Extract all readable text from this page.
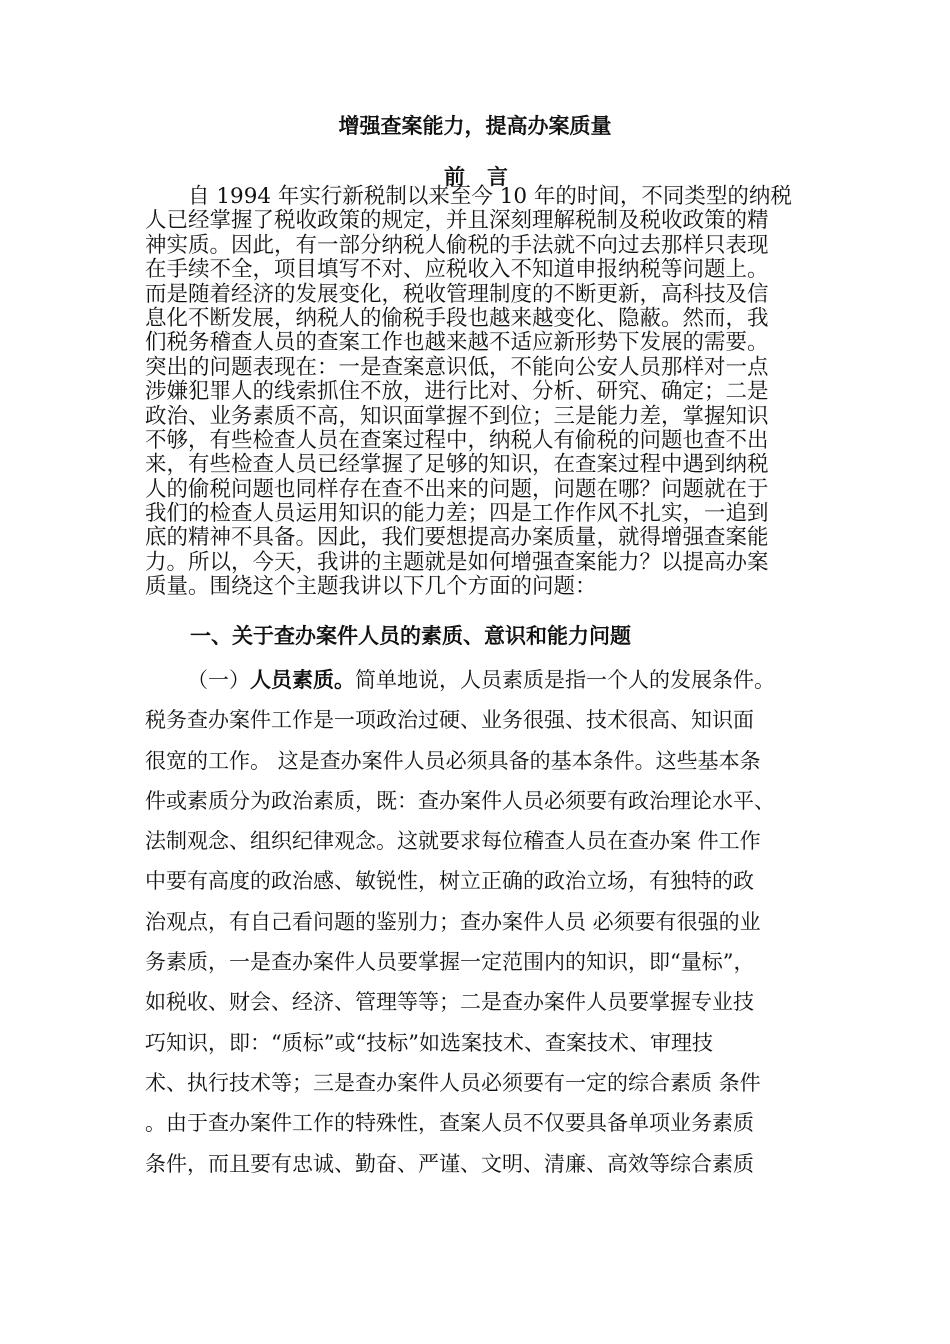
增强查案能力，提高办案质量
前言
　　自 1994 年实行新税制以来至今 10 年的时间，不同类型的纳税
人已经掌握了税收政策的规定，并且深刻理解税制及税收政策的精
神实质。因此，有一部分纳税人偷税的手法就不向过去那样只表现
在手续不全，项目填写不对、应税收入不知道申报纳税等问题上。
而是随着经济的发展变化，税收管理制度的不断更新，高科技及信
息化不断发展，纳税人的偷税手段也越来越变化、隐蔽。然而，我
们税务稽查人员的查案工作也越来越不适应新形势下发展的需要。
突出的问题表现在：一是查案意识低，不能向公安人员那样对一点
涉嫌犯罪人的线索抓住不放，进行比对、分析、研究、确定；二是
政治、业务素质不高，知识面掌握不到位；三是能力差，掌握知识
不够，有些检查人员在查案过程中，纳税人有偷税的问题也查不出
来，有些检查人员已经掌握了足够的知识，在查案过程中遇到纳税
人的偷税问题也同样存在查不出来的问题，问题在哪？问题就在于
我们的检查人员运用知识的能力差；四是工作作风不扎实，一追到
底的精神不具备。因此，我们要想提高办案质量，就得增强查案能
力。所以，今天，我讲的主题就是如何增强查案能力？以提高办案
质量。围绕这个主题我讲以下几个方面的问题：
一、关于查办案件人员的素质、意识和能力问题
（一）人员素质。简单地说，人员素质是指一个人的发展条件。
税务查办案件工作是一项政治过硬、业务很强、技术很高、知识面
很宽的工作。 这是查办案件人员必须具备的基本条件。这些基本条
件或素质分为政治素质，既：查办案件人员必须要有政治理论水平、
法制观念、组织纪律观念。这就要求每位稽查人员在查办案 件工作
中要有高度的政治感、敏锐性，树立正确的政治立场，有独特的政
治观点，有自己看问题的鉴别力；查办案件人员 必须要有很强的业
务素质，一是查办案件人员要掌握一定范围内的知识，即“量标”，
如税收、财会、经济、管理等等；二是查办案件人员要掌握专业技
巧知识，即：“质标”或“技标”如选案技术、查案技术、审理技
术、执行技术等；三是查办案件人员必须要有一定的综合素质 条件
。由于查办案件工作的特殊性，查案人员不仅要具备单项业务素质
条件，而且要有忠诚、勤奋、严谨、文明、清廉、高效等综合素质
